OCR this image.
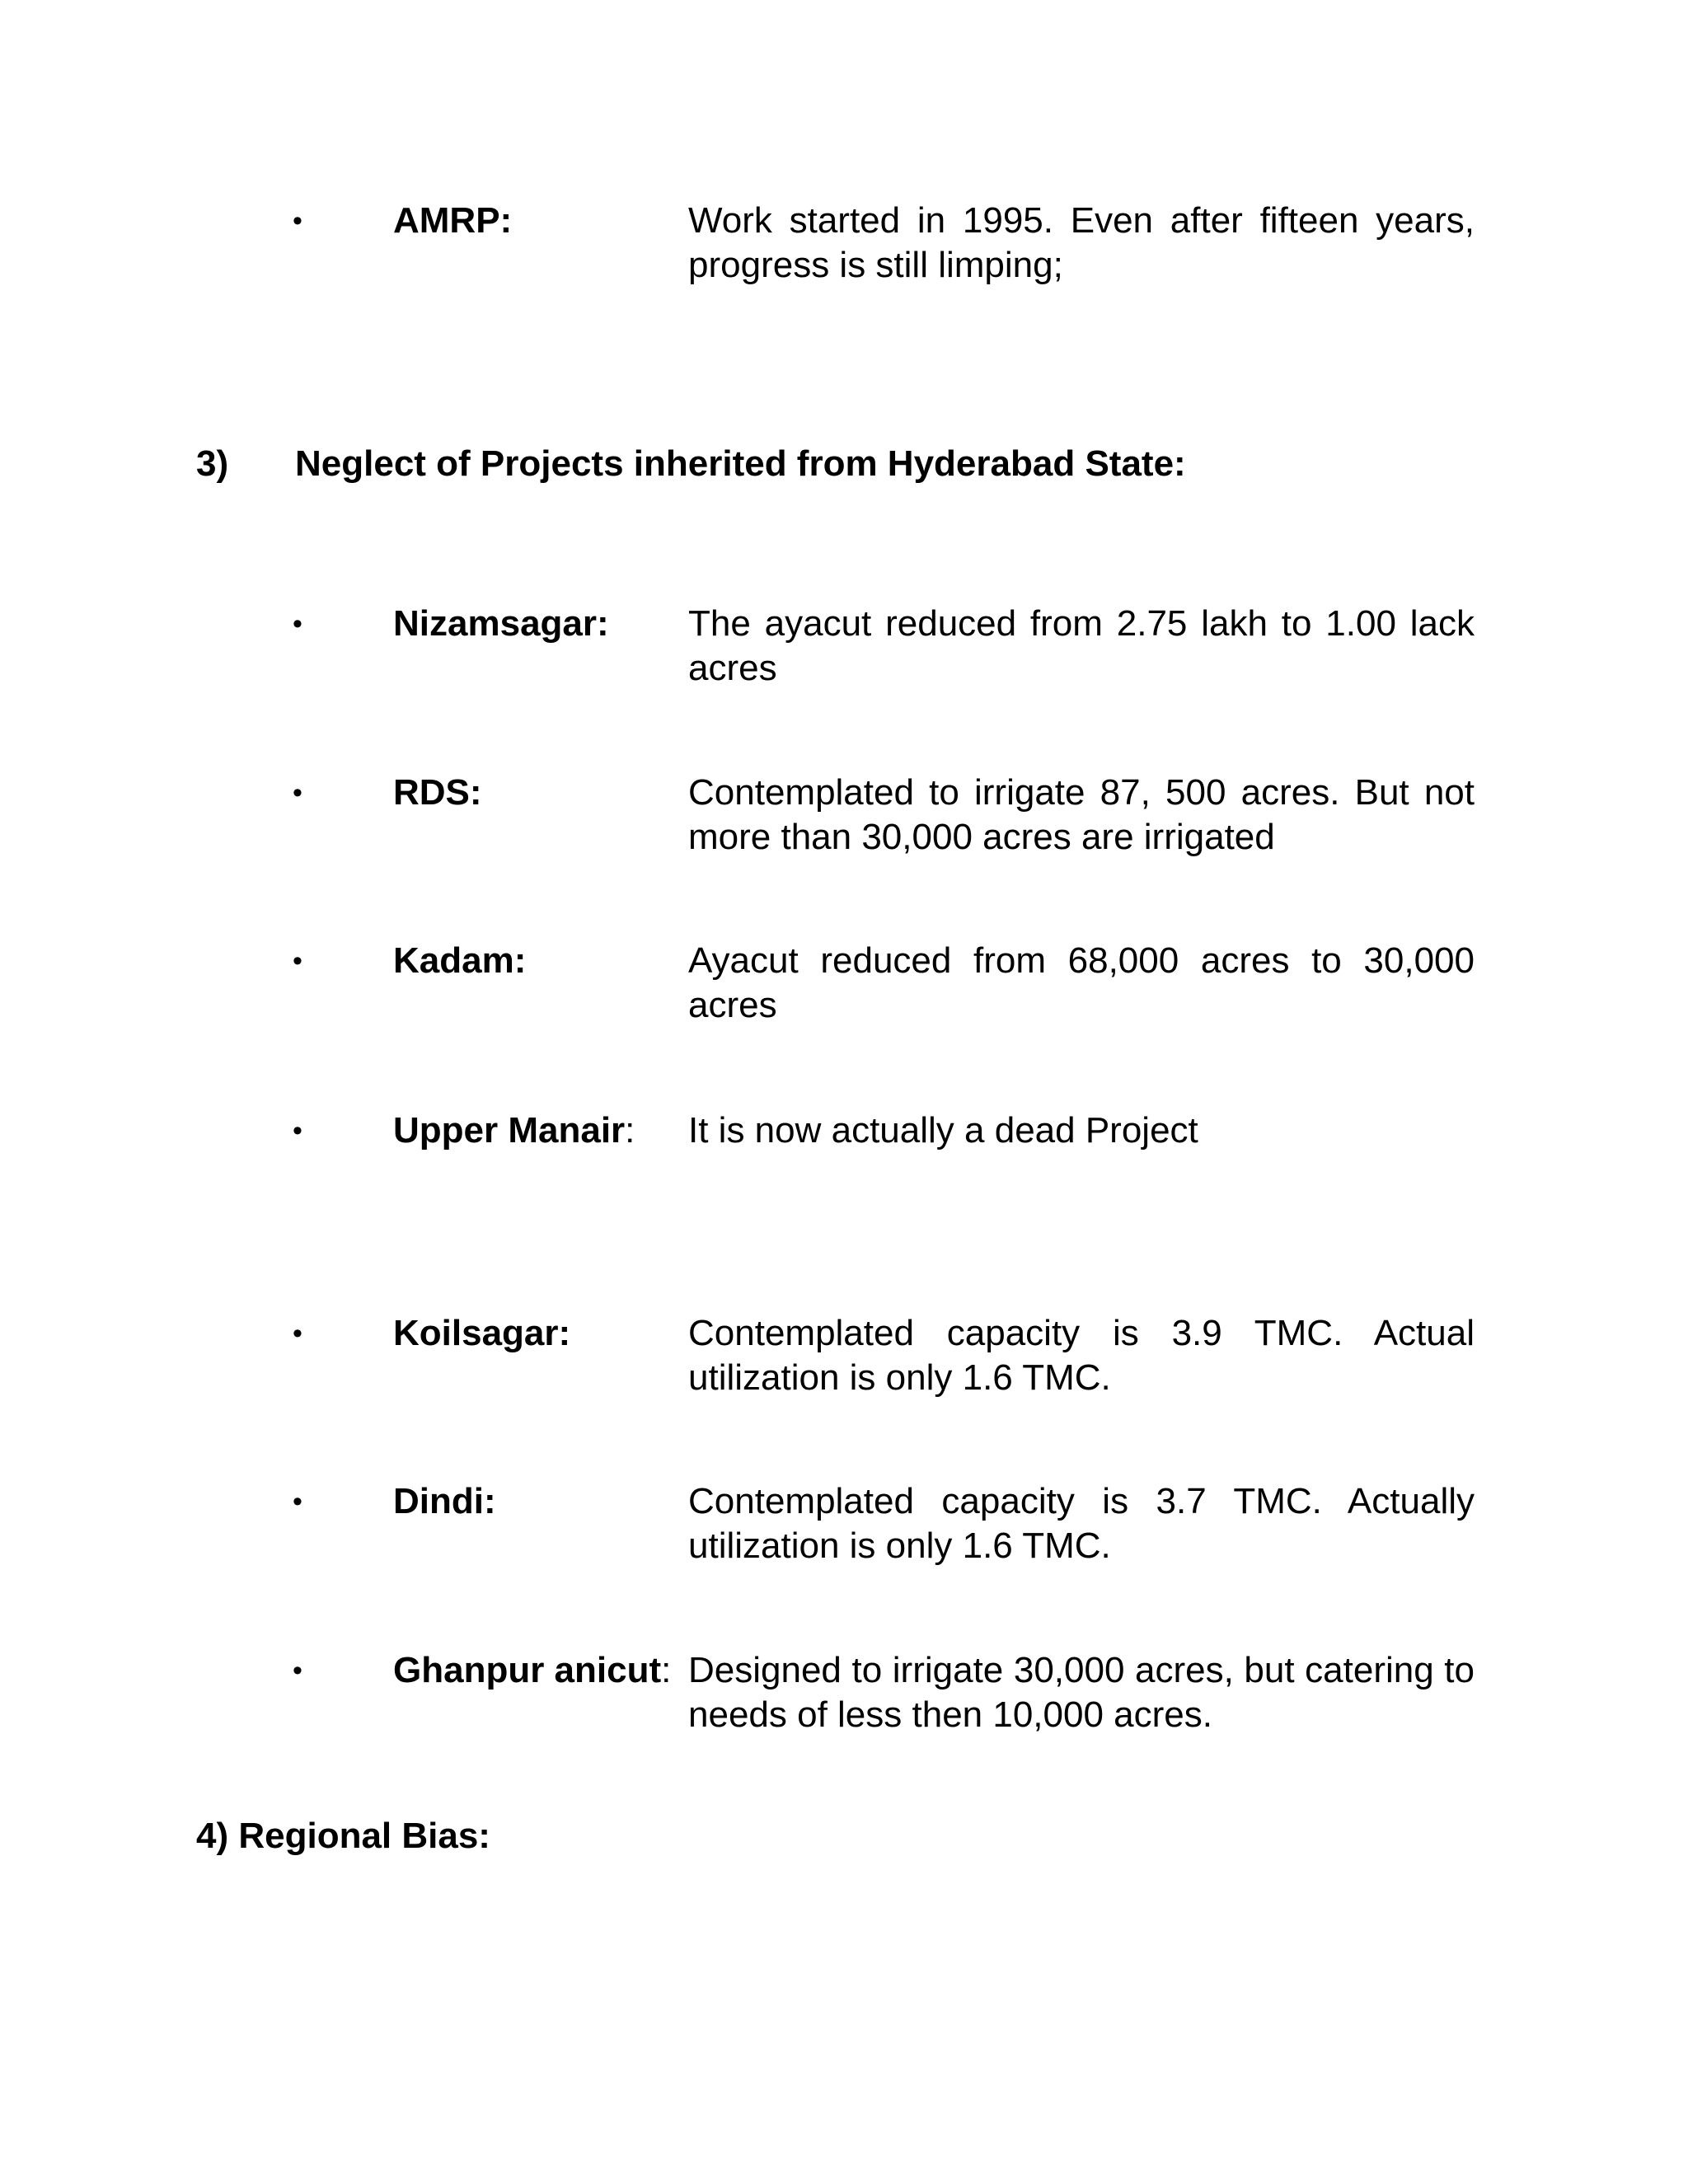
•	AMRP:	Work started in 1995. Even after fifteen years, progress is still limping;
3) Neglect of Projects inherited from Hyderabad State:
•	Nizamsagar: The ayacut reduced from 2.75 lakh to 1.00 lack acres
•	RDS:	Contemplated to irrigate 87, 500 acres. But not more than 30,000 acres are irrigated
•	Kadam:	Ayacut reduced from 68,000 acres to 30,000 acres
•	Upper Manair: It is now actually a dead Project
•	Koilsagar:	Contemplated capacity is 3.9 TMC. Actual utilization is only 1.6 TMC.
•	Dindi:	Contemplated capacity is 3.7 TMC. Actually utilization is only 1.6 TMC.
•	Ghanpur anicut: Designed to irrigate 30,000 acres, but catering to needs of less then 10,000 acres.
4) Regional Bias:
